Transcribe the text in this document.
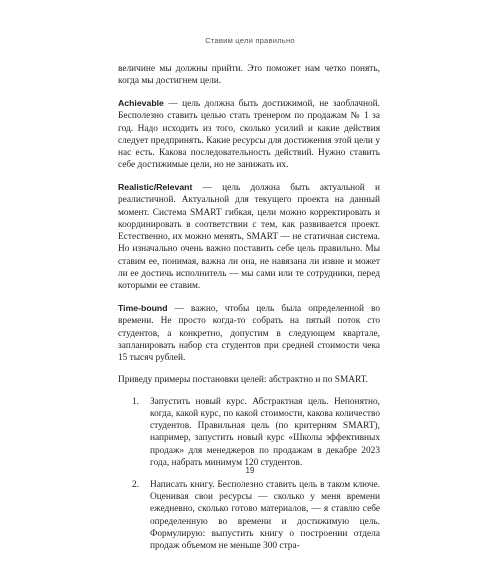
Ставим цели правильно

величине мы должны прийти. Это поможет нам четко понять, когда мы достигнем цели.

Achievable — цель должна быть достижимой, не заоблачной. Бесполезно ставить целью стать тренером по продажам № 1 за год. Надо исходить из того, сколько усилий и какие действия следует предпринять. Какие ресурсы для достижения этой цели у нас есть. Какова последовательность действий. Нужно ставить себе достижимые цели, но не занижать их.

Realistic/Relevant — цель должна быть актуальной и реалистичной. Актуальной для текущего проекта на данный момент. Система SMART гибкая, цели можно корректировать и координировать в соответствии с тем, как развивается проект. Естественно, их можно менять, SMART — не статичная система. Но изначально очень важно поставить себе цель правильно. Мы ставим ее, понимая, важна ли она, не навязана ли извне и может ли ее достичь исполнитель — мы сами или те сотрудники, перед которыми ее ставим.

Time-bound — важно, чтобы цель была определенной во времени. Не просто когда-то собрать на пятый поток сто студентов, а конкретно, допустим в следующем квартале, запланировать набор ста студентов при средней стоимости чека 15 тысяч рублей.

Приведу примеры постановки целей: абстрактно и по SMART.

1. Запустить новый курс. Абстрактная цель. Непонятно, когда, какой курс, по какой стоимости, какова количество студентов. Правильная цель (по критериям SMART), например, запустить новый курс «Школы эффективных продаж» для менеджеров по продажам в декабре 2023 года, набрать минимум 120 студентов.
2. Написать книгу. Бесполезно ставить цель в таком ключе. Оценивая свои ресурсы — сколько у меня времени ежедневно, сколько готово материалов, — я ставлю себе определенную во времени и достижимую цель. Формулирую: выпустить книгу о построении отдела продаж объемом не меньше 300 стра-
19
